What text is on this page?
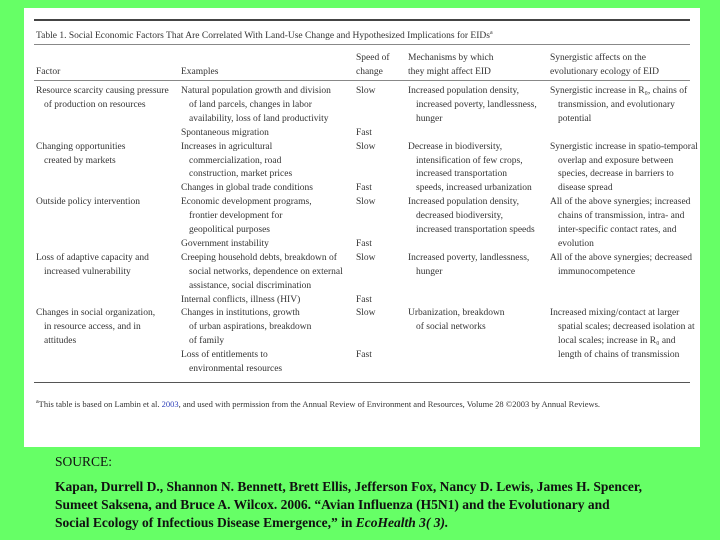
Table 1. Social Economic Factors That Are Correlated With Land-Use Change and Hypothesized Implications for EIDs$^a$
Factor	Examples
Speed of
change
Mechanisms by which
they might affect EID
Synergistic affects on the
evolutionary ecology of EID
Resource scarcity causing pressure
of production on resources
Slow
Natural population growth and division
of land parcels, changes in labor
availability, loss of land productivity
Fast
Spontaneous migration
Increased population density,
increased poverty, landlessness,
hunger
Synergistic increase in R₀, chains of
transmission, and evolutionary
potential
Changing opportunities
created by markets
Slow
Increases in agricultural
commercialization, road
construction, market prices
Fast
Changes in global trade conditions
Decrease in biodiversity,
intensification of few crops,
increased transportation
speeds, increased urbanization
Synergistic increase in spatio-temporal
overlap and exposure between
species, decrease in barriers to
disease spread
Outside policy intervention	Slow
Economic development programs,
frontier development for
geopolitical purposes
Fast
Government instability
Increased population density,
decreased biodiversity,
increased transportation speeds
All of the above synergies; increased
chains of transmission, intra- and
inter-specific contact rates, and
evolution
Loss of adaptive capacity and
increased vulnerability
Slow
Creeping household debts, breakdown of
social networks, dependence on external
assistance, social discrimination
Fast
Internal conflicts, illness (HIV)
Increased poverty, landlessness,
hunger
All of the above synergies; decreased
immunocompetence
Changes in social organization,
in resource access, and in
attitudes
Slow
Changes in institutions, growth
of urban aspirations, breakdown
of family
Fast
Loss of entitlements to
environmental resources
Urbanization, breakdown
of social networks
Increased mixing/contact at larger
spatial scales; decreased isolation at
local scales; increase in R₀ and
length of chains of transmission
$^a$This table is based on Lambin et al. 2003, and used with permission from the Annual Review of Environment and Resources, Volume 28 ©2003 by Annual Reviews.
SOURCE:
Kapan, Durrell D., Shannon N. Bennett, Brett Ellis, Jefferson Fox, Nancy D. Lewis, James H. Spencer,
Sumeet Saksena, and Bruce A. Wilcox. 2006. “Avian Influenza (H5N1) and the Evolutionary and
Social Ecology of Infectious Disease Emergence,” in EcoHealth 3( 3).
